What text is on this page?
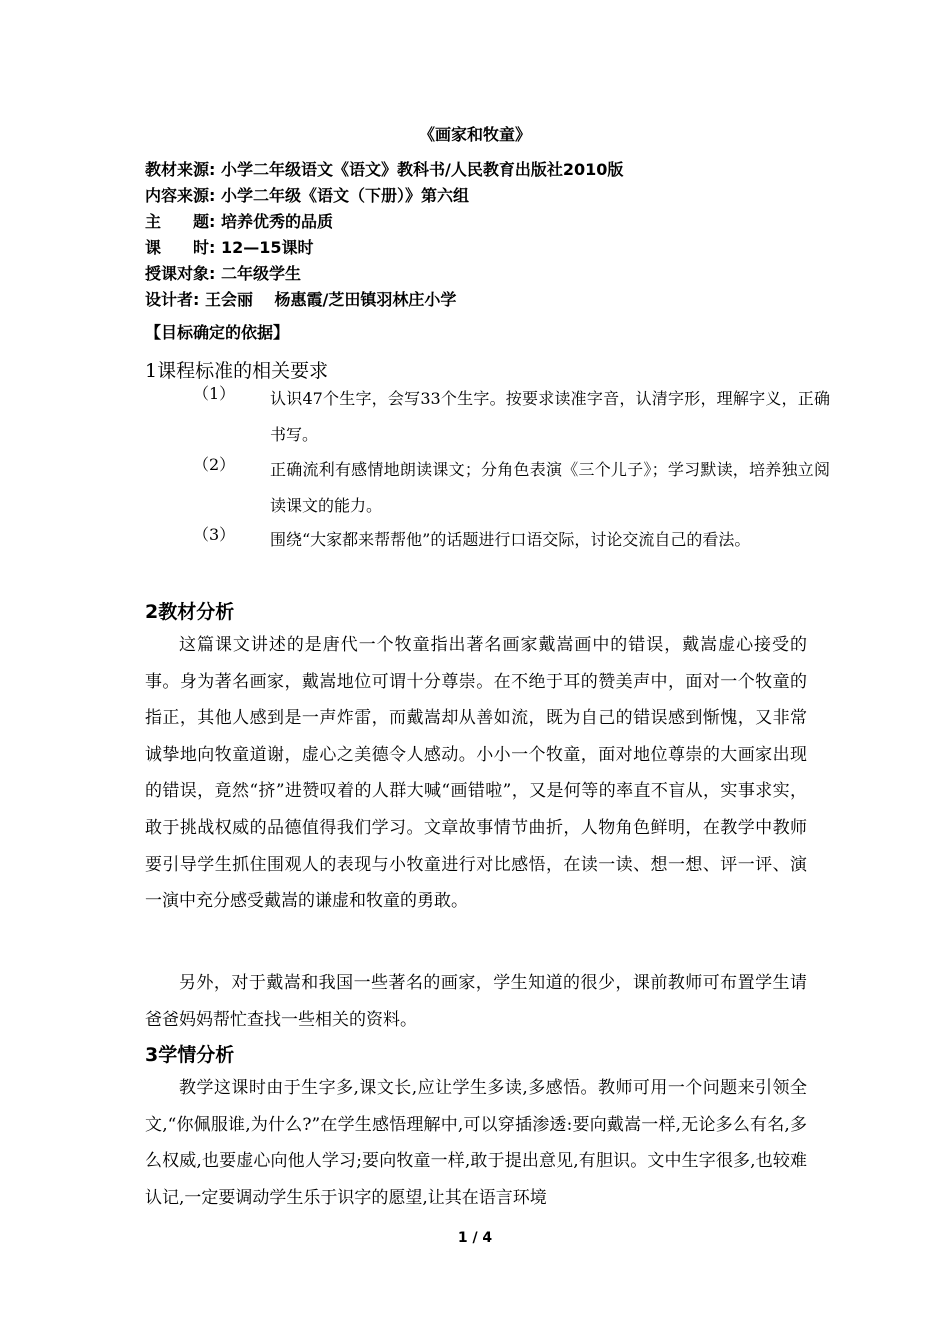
《画家和牧童》
教材来源: 小学二年级语文《语文》教科书/人民教育出版社2010版
内容来源: 小学二年级《语文（下册）》第六组
主　　题: 培养优秀的品质
课　　时: 12—15课时
授课对象: 二年级学生
设计者: 王会丽　 杨惠霞/芝田镇羽林庄小学
【目标确定的依据】
1课程标准的相关要求
（1） 认识47个生字，会写33个生字。按要求读准字音，认清字形，理解字义，正确书写。
（2） 正确流利有感情地朗读课文；分角色表演《三个儿子》；学习默读，培养独立阅读课文的能力。
（3） 围绕“大家都来帮帮他”的话题进行口语交际，讨论交流自己的看法。
2教材分析
这篇课文讲述的是唐代一个牧童指出著名画家戴嵩画中的错误，戴嵩虚心接受的事。身为著名画家，戴嵩地位可谓十分尊崇。在不绝于耳的赞美声中，面对一个牧童的指正，其他人感到是一声炸雷，而戴嵩却从善如流，既为自己的错误感到惭愧，又非常诚挚地向牧童道谢，虚心之美德令人感动。小小一个牧童，面对地位尊崇的大画家出现的错误，竟然“挤”进赞叹着的人群大喊“画错啦”，又是何等的率直不盲从，实事求实，敢于挑战权威的品德值得我们学习。文章故事情节曲折，人物角色鲜明，在教学中教师要引导学生抓住围观人的表现与小牧童进行对比感悟，在读一读、想一想、评一评、演一演中充分感受戴嵩的谦虚和牧童的勇敢。
另外，对于戴嵩和我国一些著名的画家，学生知道的很少，课前教师可布置学生请爸爸妈妈帮忙查找一些相关的资料。
3学情分析
教学这课时由于生字多,课文长,应让学生多读,多感悟。教师可用一个问题来引领全文,“你佩服谁,为什么?”在学生感悟理解中,可以穿插渗透:要向戴嵩一样,无论多么有名,多么权威,也要虚心向他人学习;要向牧童一样,敢于提出意见,有胆识。文中生字很多,也较难认记,一定要调动学生乐于识字的愿望,让其在语言环境
1 / 4
